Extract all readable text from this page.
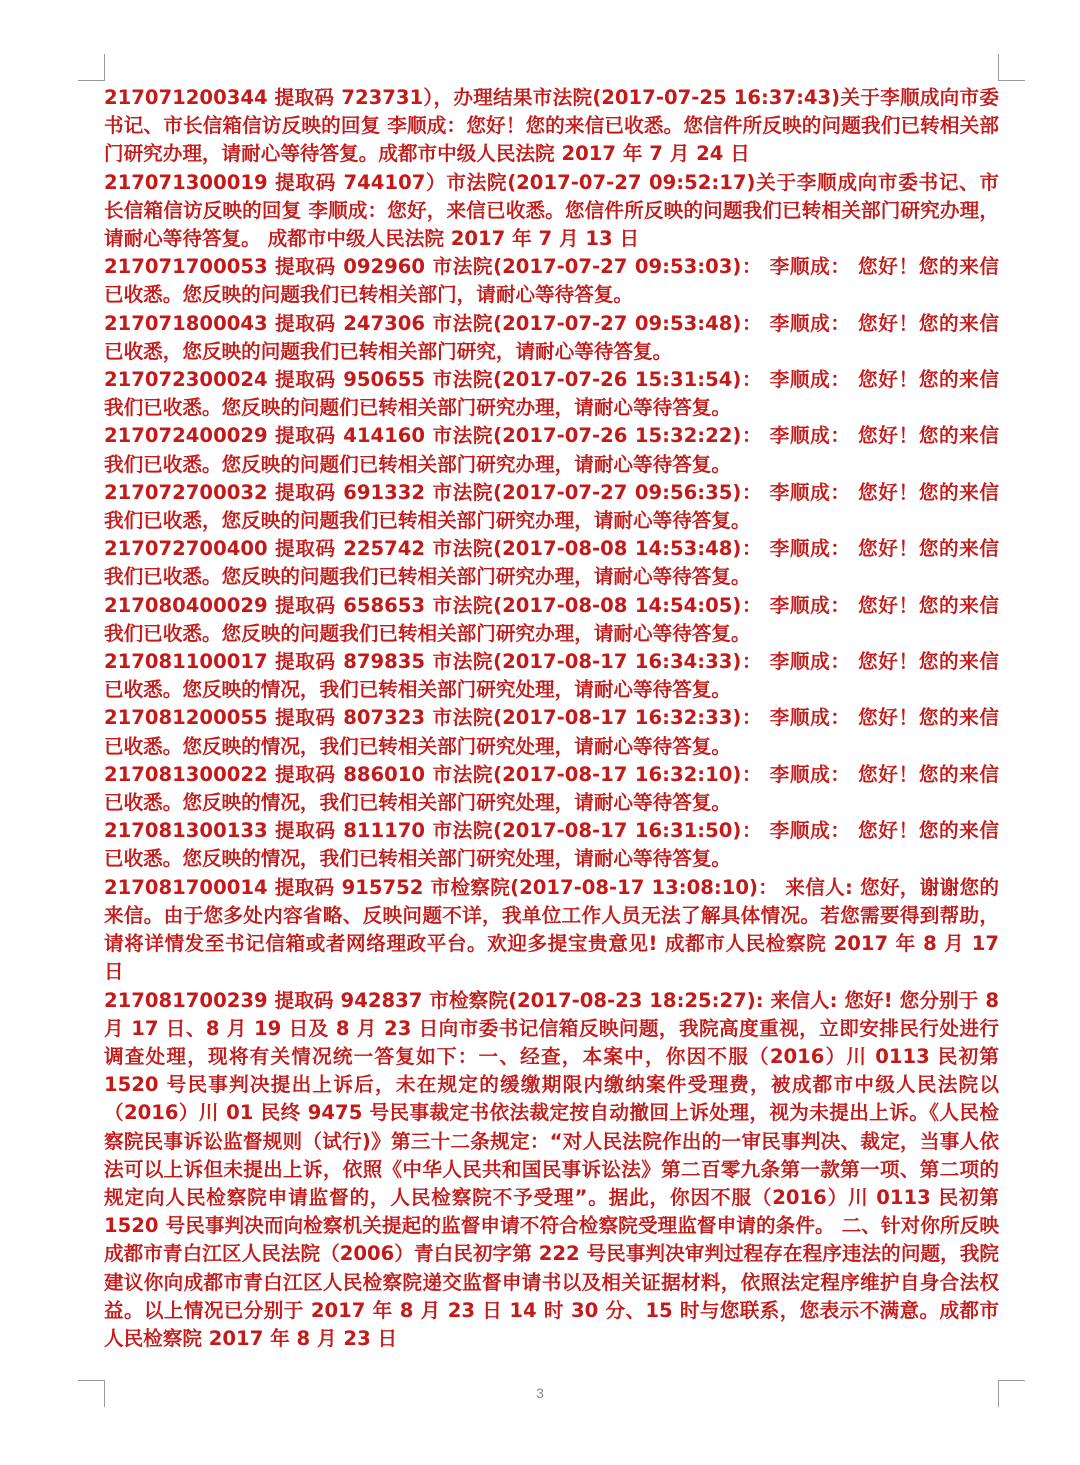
217071200344 提取码 723731），办理结果市法院(2017-07-25 16:37:43)关于李顺成向市委书记、市长信箱信访反映的回复 李顺成：您好！您的来信已收悉。您信件所反映的问题我们已转相关部门研究办理，请耐心等待答复。成都市中级人民法院 2017 年 7 月 24 日

217071300019 提取码 744107）市法院(2017-07-27 09:52:17)关于李顺成向市委书记、市长信箱信访反映的回复 李顺成：您好，来信已收悉。您信件所反映的问题我们已转相关部门研究办理，请耐心等待答复。 成都市中级人民法院 2017 年 7 月 13 日

217071700053 提取码 092960 市法院(2017-07-27 09:53:03)： 李顺成： 您好！您的来信已收悉。您反映的问题我们已转相关部门，请耐心等待答复。

217071800043 提取码 247306 市法院(2017-07-27 09:53:48)： 李顺成： 您好！您的来信已收悉，您反映的问题我们已转相关部门研究，请耐心等待答复。

217072300024 提取码 950655 市法院(2017-07-26 15:31:54)： 李顺成： 您好！您的来信我们已收悉。您反映的问题们已转相关部门研究办理，请耐心等待答复。

217072400029 提取码 414160 市法院(2017-07-26 15:32:22)： 李顺成： 您好！您的来信我们已收悉。您反映的问题们已转相关部门研究办理，请耐心等待答复。

217072700032 提取码 691332 市法院(2017-07-27 09:56:35)： 李顺成： 您好！您的来信我们已收悉，您反映的问题我们已转相关部门研究办理，请耐心等待答复。

217072700400 提取码 225742 市法院(2017-08-08 14:53:48)： 李顺成： 您好！您的来信我们已收悉。您反映的问题我们已转相关部门研究办理，请耐心等待答复。

217080400029 提取码 658653 市法院(2017-08-08 14:54:05)： 李顺成： 您好！您的来信我们已收悉。您反映的问题我们已转相关部门研究办理，请耐心等待答复。

217081100017 提取码 879835 市法院(2017-08-17 16:34:33)： 李顺成： 您好！您的来信已收悉。您反映的情况，我们已转相关部门研究处理，请耐心等待答复。

217081200055 提取码 807323 市法院(2017-08-17 16:32:33)： 李顺成： 您好！您的来信已收悉。您反映的情况，我们已转相关部门研究处理，请耐心等待答复。

217081300022 提取码 886010 市法院(2017-08-17 16:32:10)： 李顺成： 您好！您的来信已收悉。您反映的情况，我们已转相关部门研究处理，请耐心等待答复。

217081300133 提取码 811170 市法院(2017-08-17 16:31:50)： 李顺成： 您好！您的来信已收悉。您反映的情况，我们已转相关部门研究处理，请耐心等待答复。

217081700014 提取码 915752 市检察院(2017-08-17 13:08:10)： 来信人: 您好，谢谢您的来信。由于您多处内容省略、反映问题不详，我单位工作人员无法了解具体情况。若您需要得到帮助，请将详情发至书记信箱或者网络理政平台。欢迎多提宝贵意见! 成都市人民检察院 2017 年 8 月 17 日

217081700239 提取码 942837 市检察院(2017-08-23 18:25:27): 来信人: 您好! 您分别于 8 月 17 日、8 月 19 日及 8 月 23 日向市委书记信箱反映问题，我院高度重视，立即安排民行处进行调查处理，现将有关情况统一答复如下：一、经查，本案中，你因不服（2016）川 0113 民初第 1520 号民事判决提出上诉后，未在规定的缓缴期限内缴纳案件受理费，被成都市中级人民法院以（2016）川 01 民终 9475 号民事裁定书依法裁定按自动撤回上诉处理，视为未提出上诉。《人民检察院民事诉讼监督规则（试行)》第三十二条规定：“对人民法院作出的一审民事判决、裁定，当事人依法可以上诉但未提出上诉，依照《中华人民共和国民事诉讼法》第二百零九条第一款第一项、第二项的规定向人民检察院申请监督的，人民检察院不予受理”。据此，你因不服（2016）川 0113 民初第 1520 号民事判决而向检察机关提起的监督申请不符合检察院受理监督申请的条件。 二、针对你所反映成都市青白江区人民法院（2006）青白民初字第 222 号民事判决审判过程存在程序违法的问题，我院建议你向成都市青白江区人民检察院递交监督申请书以及相关证据材料，依照法定程序维护自身合法权益。以上情况已分别于 2017 年 8 月 23 日 14 时 30 分、15 时与您联系，您表示不满意。成都市人民检察院 2017 年 8 月 23 日

3
